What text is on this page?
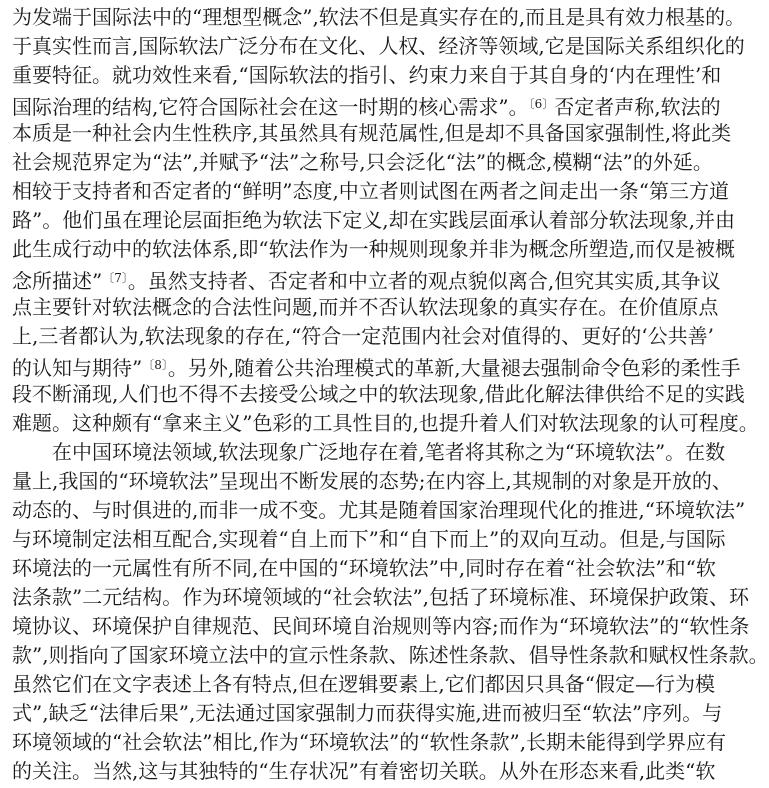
为发端于国际法中的“理想型概念”,软法不但是真实存在的,而且是具有效力根基的。
于真实性而言,国际软法广泛分布在文化、人权、经济等领域,它是国际关系组织化的
重要特征。就功效性来看,“国际软法的指引、约束力来自于其自身的‘内在理性’和
国际治理的结构,它符合国际社会在这一时期的核心需求”。$^{〔6〕}$否定者声称,软法的
本质是一种社会内生性秩序,其虽然具有规范属性,但是却不具备国家强制性,将此类
社会规范界定为“法”,并赋予“法”之称号,只会泛化“法”的概念,模糊“法”的外延。
相较于支持者和否定者的“鲜明”态度,中立者则试图在两者之间走出一条“第三方道
路”。他们虽在理论层面拒绝为软法下定义,却在实践层面承认着部分软法现象,并由
此生成行动中的软法体系,即“软法作为一种规则现象并非为概念所塑造,而仅是被概
念所描述”$^{〔7〕}$。虽然支持者、否定者和中立者的观点貌似离合,但究其实质,其争议
点主要针对软法概念的合法性问题,而并不否认软法现象的真实存在。在价值原点
上,三者都认为,软法现象的存在,“符合一定范围内社会对值得的、更好的‘公共善’
的认知与期待”$^{〔8〕}$。另外,随着公共治理模式的革新,大量褪去强制命令色彩的柔性手
段不断涌现,人们也不得不去接受公域之中的软法现象,借此化解法律供给不足的实践
难题。这种颇有“拿来主义”色彩的工具性目的,也提升着人们对软法现象的认可程度。
在中国环境法领域,软法现象广泛地存在着,笔者将其称之为“环境软法”。在数
量上,我国的“环境软法”呈现出不断发展的态势;在内容上,其规制的对象是开放的、
动态的、与时俱进的,而非一成不变。尤其是随着国家治理现代化的推进,“环境软法”
与环境制定法相互配合,实现着“自上而下”和“自下而上”的双向互动。但是,与国际
环境法的一元属性有所不同,在中国的“环境软法”中,同时存在着“社会软法”和“软
法条款”二元结构。作为环境领域的“社会软法”,包括了环境标准、环境保护政策、环
境协议、环境保护自律规范、民间环境自治规则等内容;而作为“环境软法”的“软性条
款”,则指向了国家环境立法中的宣示性条款、陈述性条款、倡导性条款和赋权性条款。
虽然它们在文字表述上各有特点,但在逻辑要素上,它们都因只具备“假定—行为模
式”,缺乏“法律后果”,无法通过国家强制力而获得实施,进而被归至“软法”序列。与
环境领域的“社会软法”相比,作为“环境软法”的“软性条款”,长期未能得到学界应有
的关注。当然,这与其独特的“生存状况”有着密切关联。从外在形态来看,此类“软
